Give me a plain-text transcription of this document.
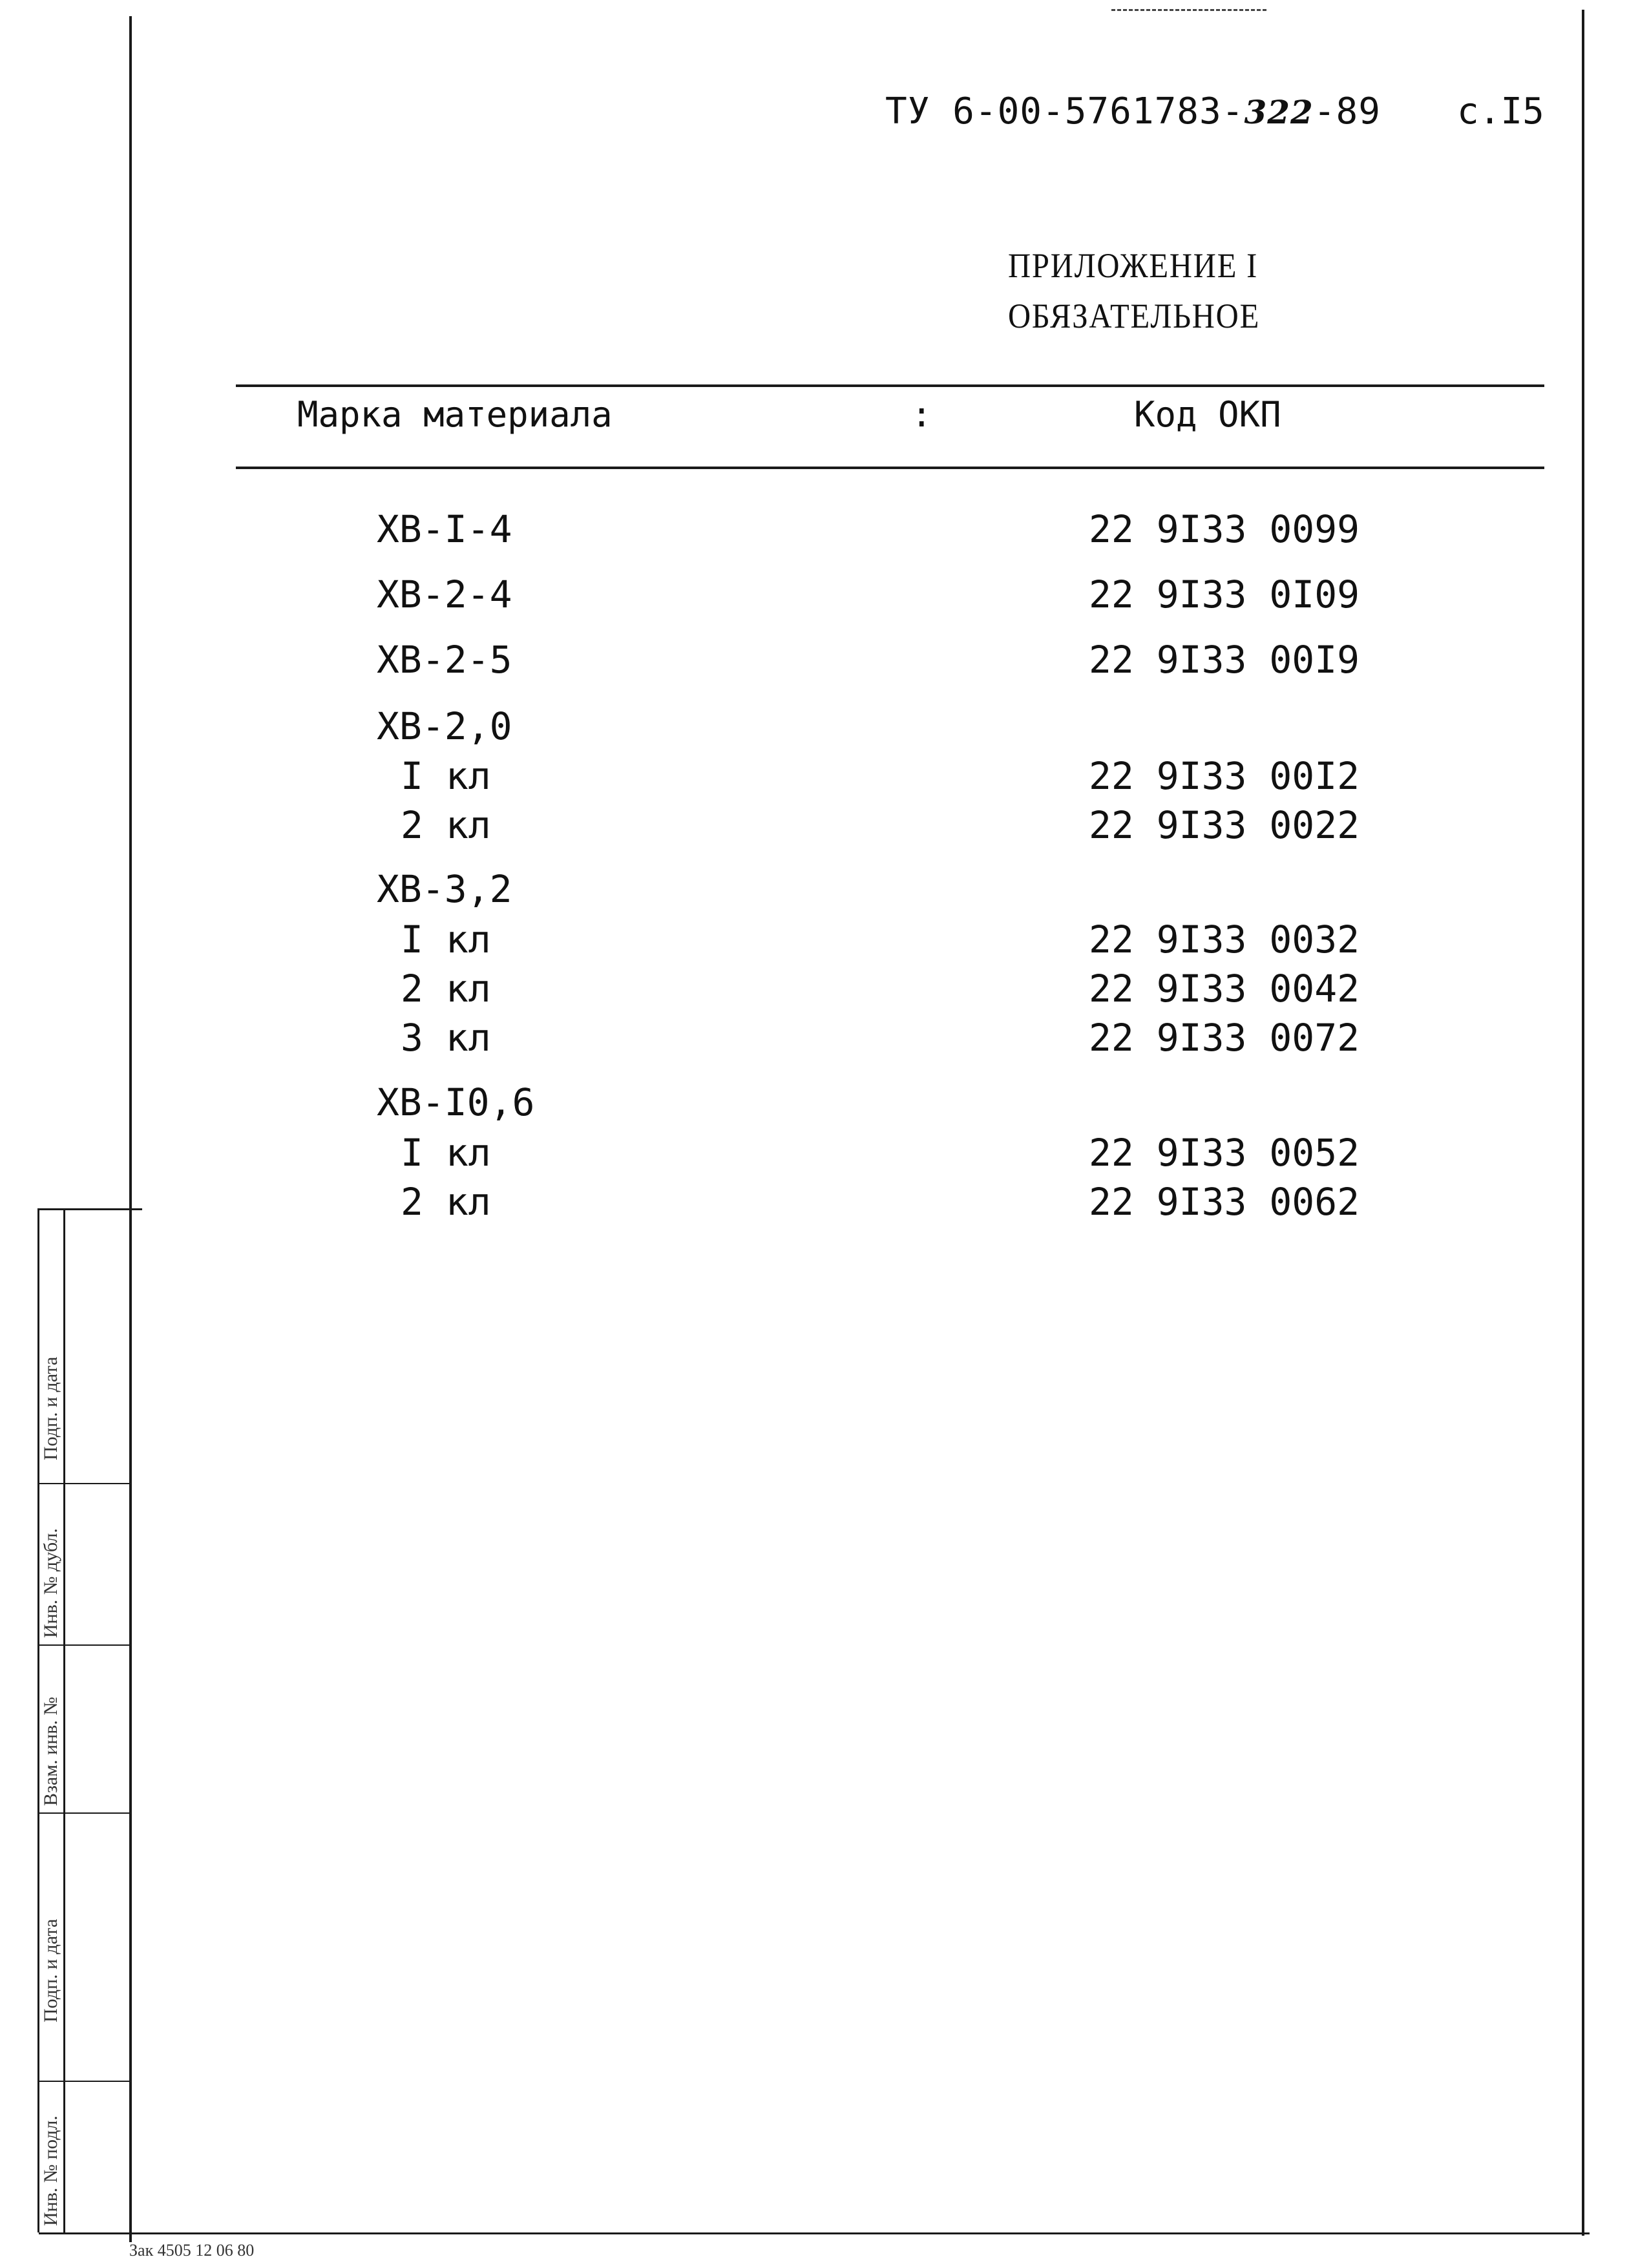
ТУ 6-00-5761783-322-89 с.I5
ПРИЛОЖЕНИЕ I
ОБЯЗАТЕЛЬНОЕ
Марка материала	:	Код ОКП
ХВ-I-4	22 9I33 0099
ХВ-2-4	22 9I33 0I09
ХВ-2-5	22 9I33 00I9
ХВ-2,0
I кл	22 9I33 00I2
2 кл	22 9I33 0022
ХВ-3,2
I кл	22 9I33 0032
2 кл	22 9I33 0042
3 кл	22 9I33 0072
ХВ-I0,6
I кл	22 9I33 0052
2 кл	22 9I33 0062
Подп. и дата
Инв. № дубл.
Взам. инв. №
Подп. и дата
Инв. № подл.
Зак 4505 12 06 80
